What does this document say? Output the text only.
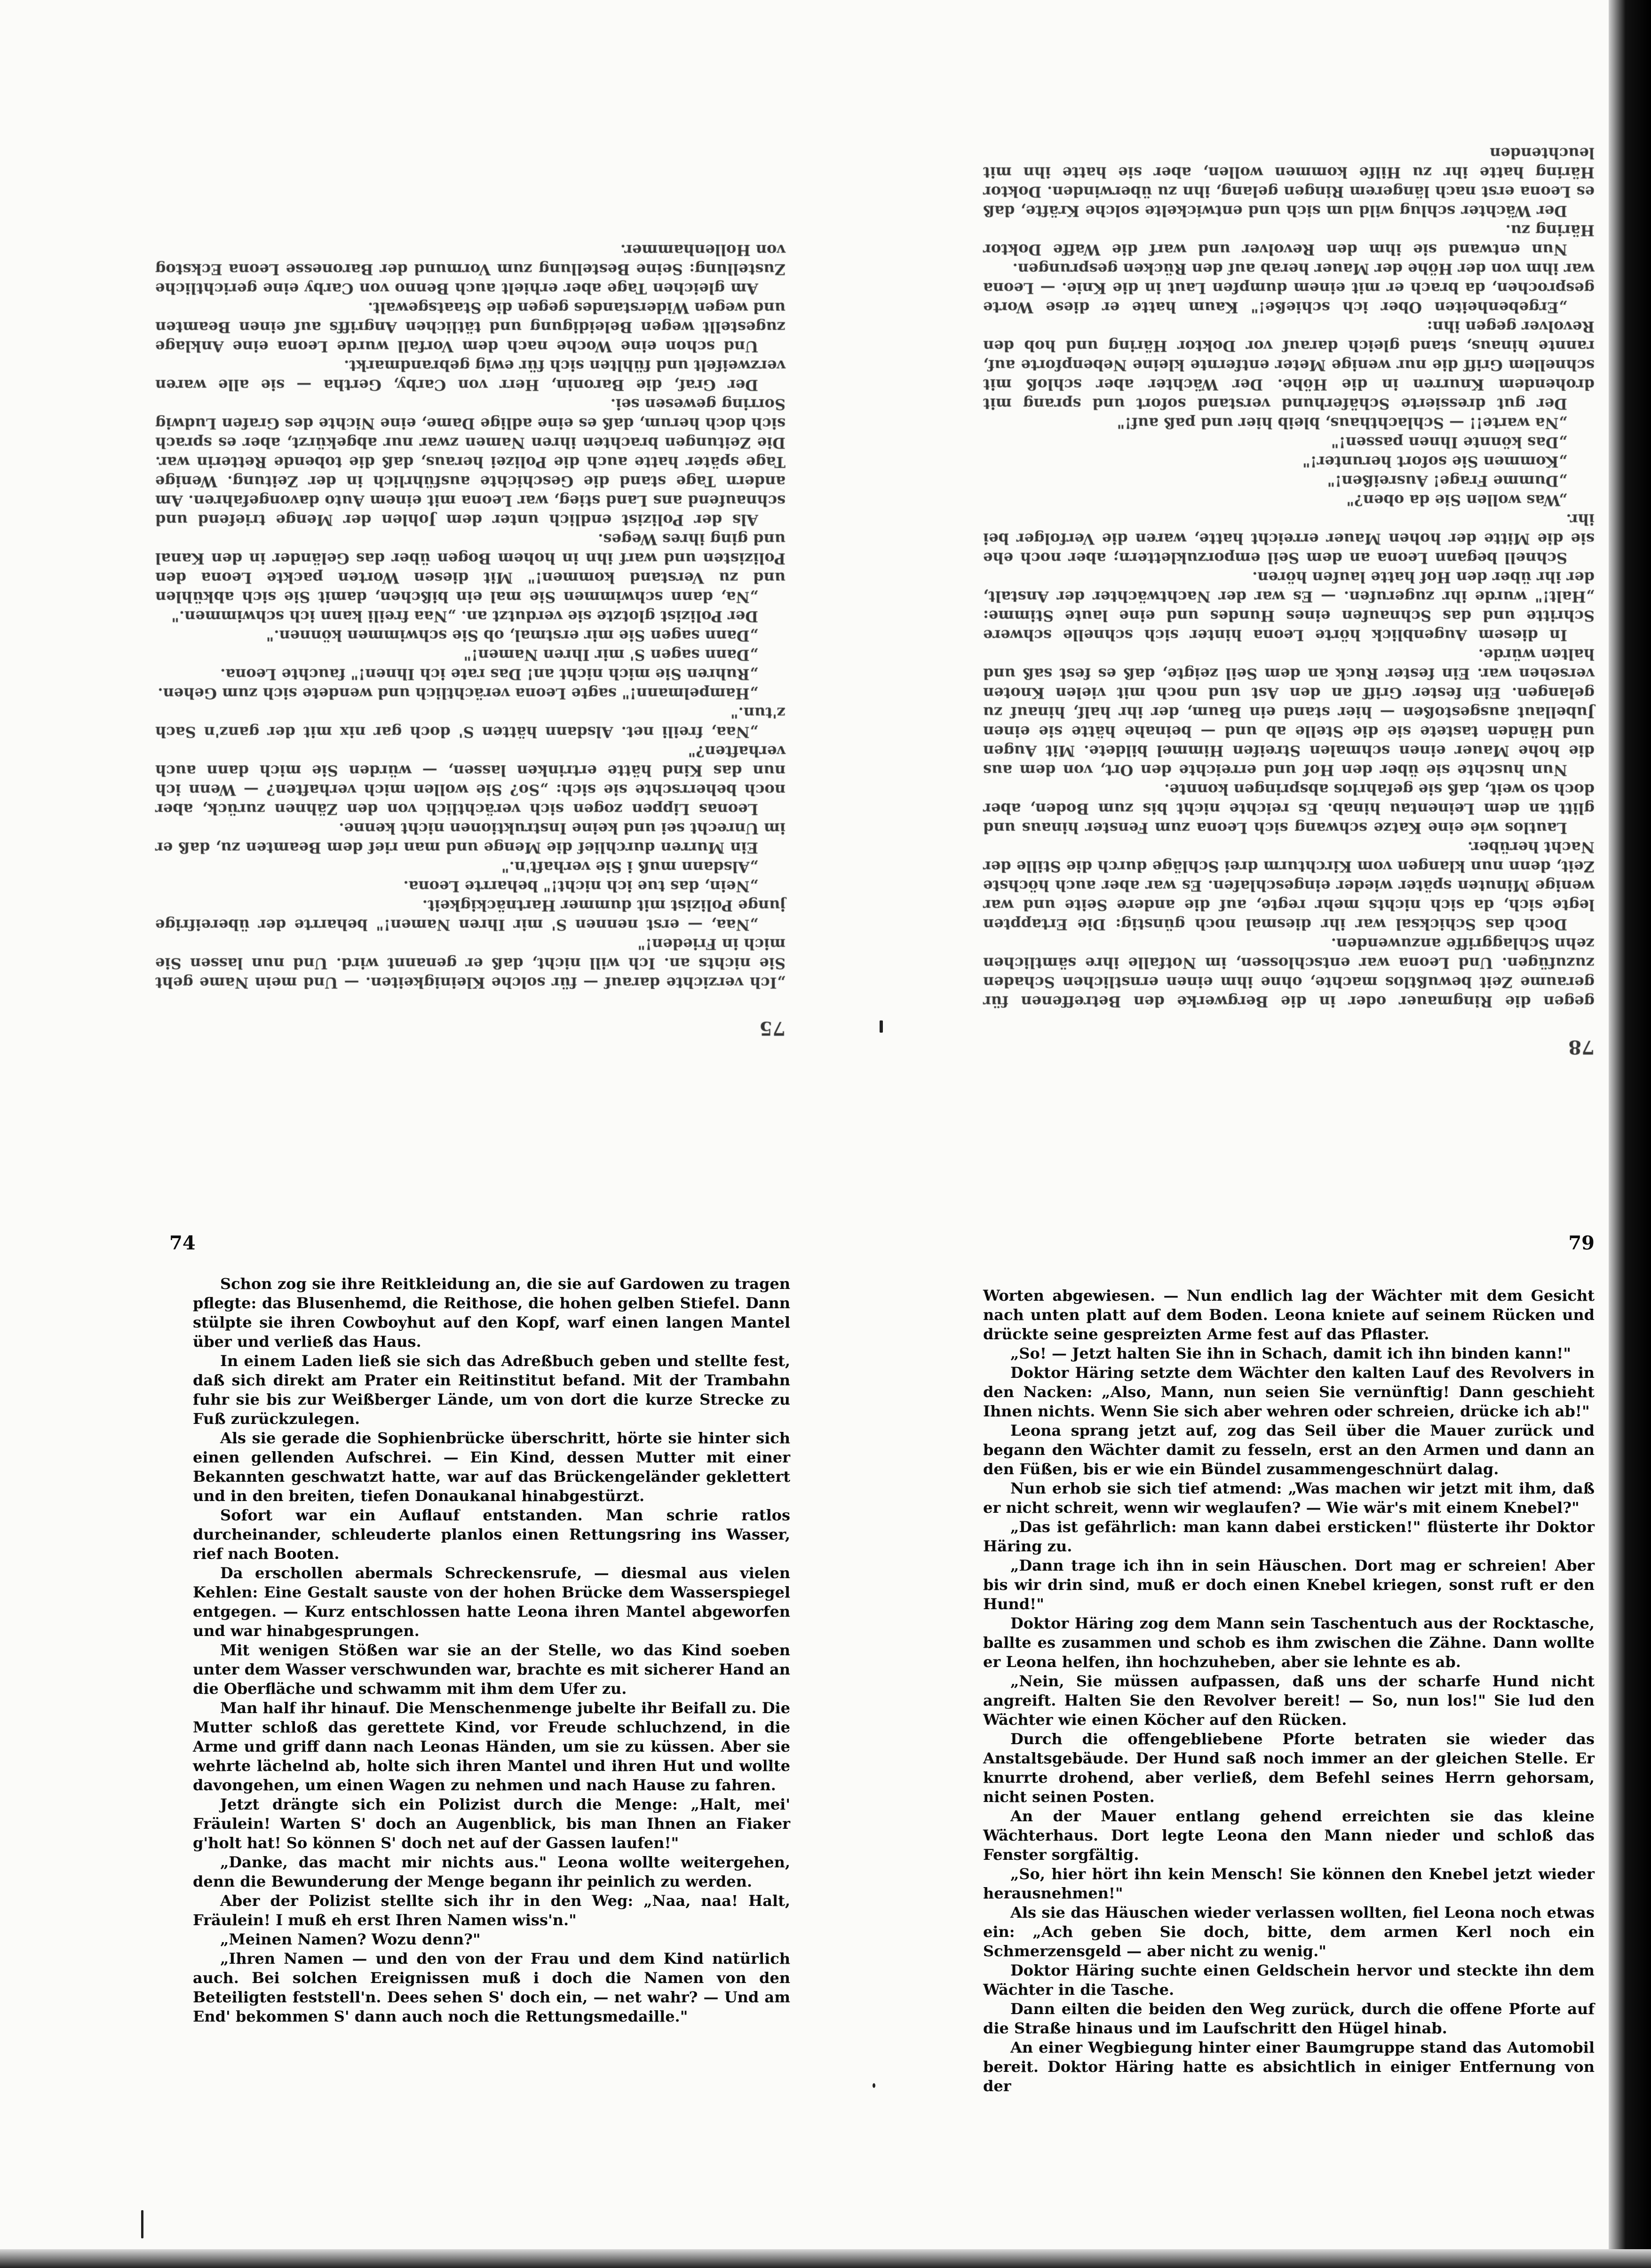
75

„Ich verzichte darauf — für solche Kleinigkeiten. — Und mein Name geht Sie nichts an. Ich will nicht, daß er genannt wird. Und nun lassen Sie mich in Frieden!"

„Naa, — erst nennen S' mir Ihren Namen!" beharrte der übereifrige junge Polizist mit dummer Hartnäckigkeit.

„Nein, das tue ich nicht!" beharrte Leona.

„Alsdann muß i Sie verhaft'n."

Ein Murren durchlief die Menge und man rief dem Beamten zu, daß er im Unrecht sei und keine Instruktionen nicht kenne.

Leonas Lippen zogen sich verächtlich von den Zähnen zurück, aber noch beherrschte sie sich: „So? Sie wollen mich verhaften? — Wenn ich nun das Kind hätte ertrinken lassen, — würden Sie mich dann auch verhaften?"

„Naa, freili net. Alsdann hätten S' doch gar nix mit der ganz'n Sach z'tun."

„Hampelmann!" sagte Leona verächtlich und wendete sich zum Gehen.

„Ruhren Sie mich nicht an! Das rate ich Ihnen!" fauchte Leona.

„Dann sagen S' mir Ihren Namen!"

„Dann sagen Sie mir erstmal, ob Sie schwimmen können."

Der Polizist glotzte sie verdutzt an. „Naa freili kann ich schwimmen."

„Na, dann schwimmen Sie mal ein bißchen, damit Sie sich abkühlen und zu Verstand kommen!" Mit diesen Worten packte Leona den Polizisten und warf ihn in hohem Bogen über das Geländer in den Kanal und ging ihres Weges.

Als der Polizist endlich unter dem Johlen der Menge triefend und schnaufend ans Land stieg, war Leona mit einem Auto davongefahren. Am andern Tage stand die Geschichte ausführlich in der Zeitung. Wenige Tage später hatte auch die Polizei heraus, daß die tobende Retterin war. Die Zeitungen brachten ihren Namen zwar nur abgekürzt, aber es sprach sich doch herum, daß es eine adlige Dame, eine Nichte des Grafen Ludwig Sorring gewesen sei.

Der Graf, die Baronin, Herr von Carby, Gertha — sie alle waren verzweifelt und fühlten sich für ewig gebrandmarkt.

Und schon eine Woche nach dem Vorfall wurde Leona eine Anklage zugestellt wegen Beleidigung und tätlichen Angriffs auf einen Beamten und wegen Widerstandes gegen die Staatsgewalt.

Am gleichen Tage aber erhielt auch Benno von Carby eine gerichtliche Zustellung: Seine Bestellung zum Vormund der Baronesse Leona Eckstog von Hollenhammer.

78

gegen die Ringmauer oder in die Bergwerke den Betreffenen für geraume Zeit bewußtlos machte, ohne ihm einen ernstlichen Schaden zuzufügen. Und Leona war entschlossen, im Notfalle ihre sämtlichen zehn Schlaggriffe anzuwenden.

Doch das Schicksal war ihr diesmal noch günstig: Die Ertappten legte sich, da sich nichts mehr regte, auf die andere Seite und war wenige Minuten später wieder eingeschlafen. Es war aber auch höchste Zeit, denn nun klangen vom Kirchturm drei Schläge durch die Stille der Nacht herüber.

Lautlos wie eine Katze schwang sich Leona zum Fenster hinaus und glitt an dem Leinentau hinab. Es reichte nicht bis zum Boden, aber doch so weit, daß sie gefahrlos abspringen konnte.

Nun huschte sie über den Hof und erreichte den Ort, von dem aus die hohe Mauer einen schmalen Streifen Himmel bildete. Mit Augen und Händen tastete sie die Stelle ab und — beinahe hätte sie einen Jubellaut ausgestoßen — hier stand ein Baum, der ihr half, hinauf zu gelangen. Ein fester Griff an den Ast und noch mit vielen Knoten versehen war. Ein fester Ruck an dem Seil zeigte, daß es fest saß und halten würde.

In diesem Augenblick hörte Leona hinter sich schnelle schwere Schritte und das Schnaufen eines Hundes und eine laute Stimme: „Halt!" wurde ihr zugerufen. — Es war der Nachtwächter der Anstalt, der ihr über den Hof hatte laufen hören.

Schnell begann Leona an dem Seil emporzuklettern; aber noch ehe sie die Mitte der hohen Mauer erreicht hatte, waren die Verfolger bei ihr.

„Was wollen Sie da oben?"

„Dumme Frage! Ausreißen!"

„Kommen Sie sofort herunter!"

„Das könnte Ihnen passen!"

„Na warte!! — Schlachthaus, bleib hier und paß auf!"

Der gut dressierte Schäferhund verstand sofort und sprang mit drohendem Knurren in die Höhe. Der Wächter aber schloß mit schnellem Griff die nur wenige Meter entfernte kleine Nebenpforte auf, rannte hinaus, stand gleich darauf vor Doktor Häring und hob den Revolver gegen ihn:

„Ergebenheiten Ober ich schieße!" Kaum hatte er diese Worte gesprochen, da brach er mit einem dumpfen Laut in die Knie. — Leona war ihm von der Höhe der Mauer herab auf den Rücken gesprungen.

Nun entwand sie ihm den Revolver und warf die Waffe Doktor Häring zu.

Der Wächter schlug wild um sich und entwickelte solche Kräfte, daß es Leona erst nach längerem Ringen gelang, ihn zu überwinden. Doktor Häring hatte ihr zu Hilfe kommen wollen, aber sie hatte ihn mit leuchtenden

74

Schon zog sie ihre Reitkleidung an, die sie auf Gardowen zu tragen pflegte: das Blusenhemd, die Reithose, die hohen gelben Stiefel. Dann stülpte sie ihren Cowboyhut auf den Kopf, warf einen langen Mantel über und verließ das Haus.

In einem Laden ließ sie sich das Adreßbuch geben und stellte fest, daß sich direkt am Prater ein Reitinstitut befand. Mit der Trambahn fuhr sie bis zur Weißberger Lände, um von dort die kurze Strecke zu Fuß zurückzulegen.

Als sie gerade die Sophienbrücke überschritt, hörte sie hinter sich einen gellenden Aufschrei. — Ein Kind, dessen Mutter mit einer Bekannten geschwatzt hatte, war auf das Brückengeländer geklettert und in den breiten, tiefen Donaukanal hinabgestürzt.

Sofort war ein Auflauf entstanden. Man schrie ratlos durcheinander, schleuderte planlos einen Rettungsring ins Wasser, rief nach Booten.

Da erschollen abermals Schreckensrufe, — diesmal aus vielen Kehlen: Eine Gestalt sauste von der hohen Brücke dem Wasserspiegel entgegen. — Kurz entschlossen hatte Leona ihren Mantel abgeworfen und war hinabgesprungen.

Mit wenigen Stößen war sie an der Stelle, wo das Kind soeben unter dem Wasser verschwunden war, brachte es mit sicherer Hand an die Oberfläche und schwamm mit ihm dem Ufer zu.

Man half ihr hinauf. Die Menschenmenge jubelte ihr Beifall zu. Die Mutter schloß das gerettete Kind, vor Freude schluchzend, in die Arme und griff dann nach Leonas Händen, um sie zu küssen. Aber sie wehrte lächelnd ab, holte sich ihren Mantel und ihren Hut und wollte davongehen, um einen Wagen zu nehmen und nach Hause zu fahren.

Jetzt drängte sich ein Polizist durch die Menge: „Halt, mei' Fräulein! Warten S' doch an Augenblick, bis man Ihnen an Fiaker g'holt hat! So können S' doch net auf der Gassen laufen!"

„Danke, das macht mir nichts aus." Leona wollte weitergehen, denn die Bewunderung der Menge begann ihr peinlich zu werden.

Aber der Polizist stellte sich ihr in den Weg: „Naa, naa! Halt, Fräulein! I muß eh erst Ihren Namen wiss'n."

„Meinen Namen? Wozu denn?"

„Ihren Namen — und den von der Frau und dem Kind natürlich auch. Bei solchen Ereignissen muß i doch die Namen von den Beteiligten feststell'n. Dees sehen S' doch ein, — net wahr? — Und am End' bekommen S' dann auch noch die Rettungsmedaille."

79

Worten abgewiesen. — Nun endlich lag der Wächter mit dem Gesicht nach unten platt auf dem Boden. Leona kniete auf seinem Rücken und drückte seine gespreizten Arme fest auf das Pflaster.

„So! — Jetzt halten Sie ihn in Schach, damit ich ihn binden kann!"

Doktor Häring setzte dem Wächter den kalten Lauf des Revolvers in den Nacken: „Also, Mann, nun seien Sie vernünftig! Dann geschieht Ihnen nichts. Wenn Sie sich aber wehren oder schreien, drücke ich ab!"

Leona sprang jetzt auf, zog das Seil über die Mauer zurück und begann den Wächter damit zu fesseln, erst an den Armen und dann an den Füßen, bis er wie ein Bündel zusammengeschnürt dalag.

Nun erhob sie sich tief atmend: „Was machen wir jetzt mit ihm, daß er nicht schreit, wenn wir weglaufen? — Wie wär's mit einem Knebel?"

„Das ist gefährlich: man kann dabei ersticken!" flüsterte ihr Doktor Häring zu.

„Dann trage ich ihn in sein Häuschen. Dort mag er schreien! Aber bis wir drin sind, muß er doch einen Knebel kriegen, sonst ruft er den Hund!"

Doktor Häring zog dem Mann sein Taschentuch aus der Rocktasche, ballte es zusammen und schob es ihm zwischen die Zähne. Dann wollte er Leona helfen, ihn hochzuheben, aber sie lehnte es ab.

„Nein, Sie müssen aufpassen, daß uns der scharfe Hund nicht angreift. Halten Sie den Revolver bereit! — So, nun los!" Sie lud den Wächter wie einen Köcher auf den Rücken.

Durch die offengebliebene Pforte betraten sie wieder das Anstaltsgebäude. Der Hund saß noch immer an der gleichen Stelle. Er knurrte drohend, aber verließ, dem Befehl seines Herrn gehorsam, nicht seinen Posten.

An der Mauer entlang gehend erreichten sie das kleine Wächterhaus. Dort legte Leona den Mann nieder und schloß das Fenster sorgfältig.

„So, hier hört ihn kein Mensch! Sie können den Knebel jetzt wieder herausnehmen!"

Als sie das Häuschen wieder verlassen wollten, fiel Leona noch etwas ein: „Ach geben Sie doch, bitte, dem armen Kerl noch ein Schmerzensgeld — aber nicht zu wenig."

Doktor Häring suchte einen Geldschein hervor und steckte ihn dem Wächter in die Tasche.

Dann eilten die beiden den Weg zurück, durch die offene Pforte auf die Straße hinaus und im Laufschritt den Hügel hinab.

An einer Wegbiegung hinter einer Baumgruppe stand das Automobil bereit. Doktor Häring hatte es absichtlich in einiger Entfernung von der
